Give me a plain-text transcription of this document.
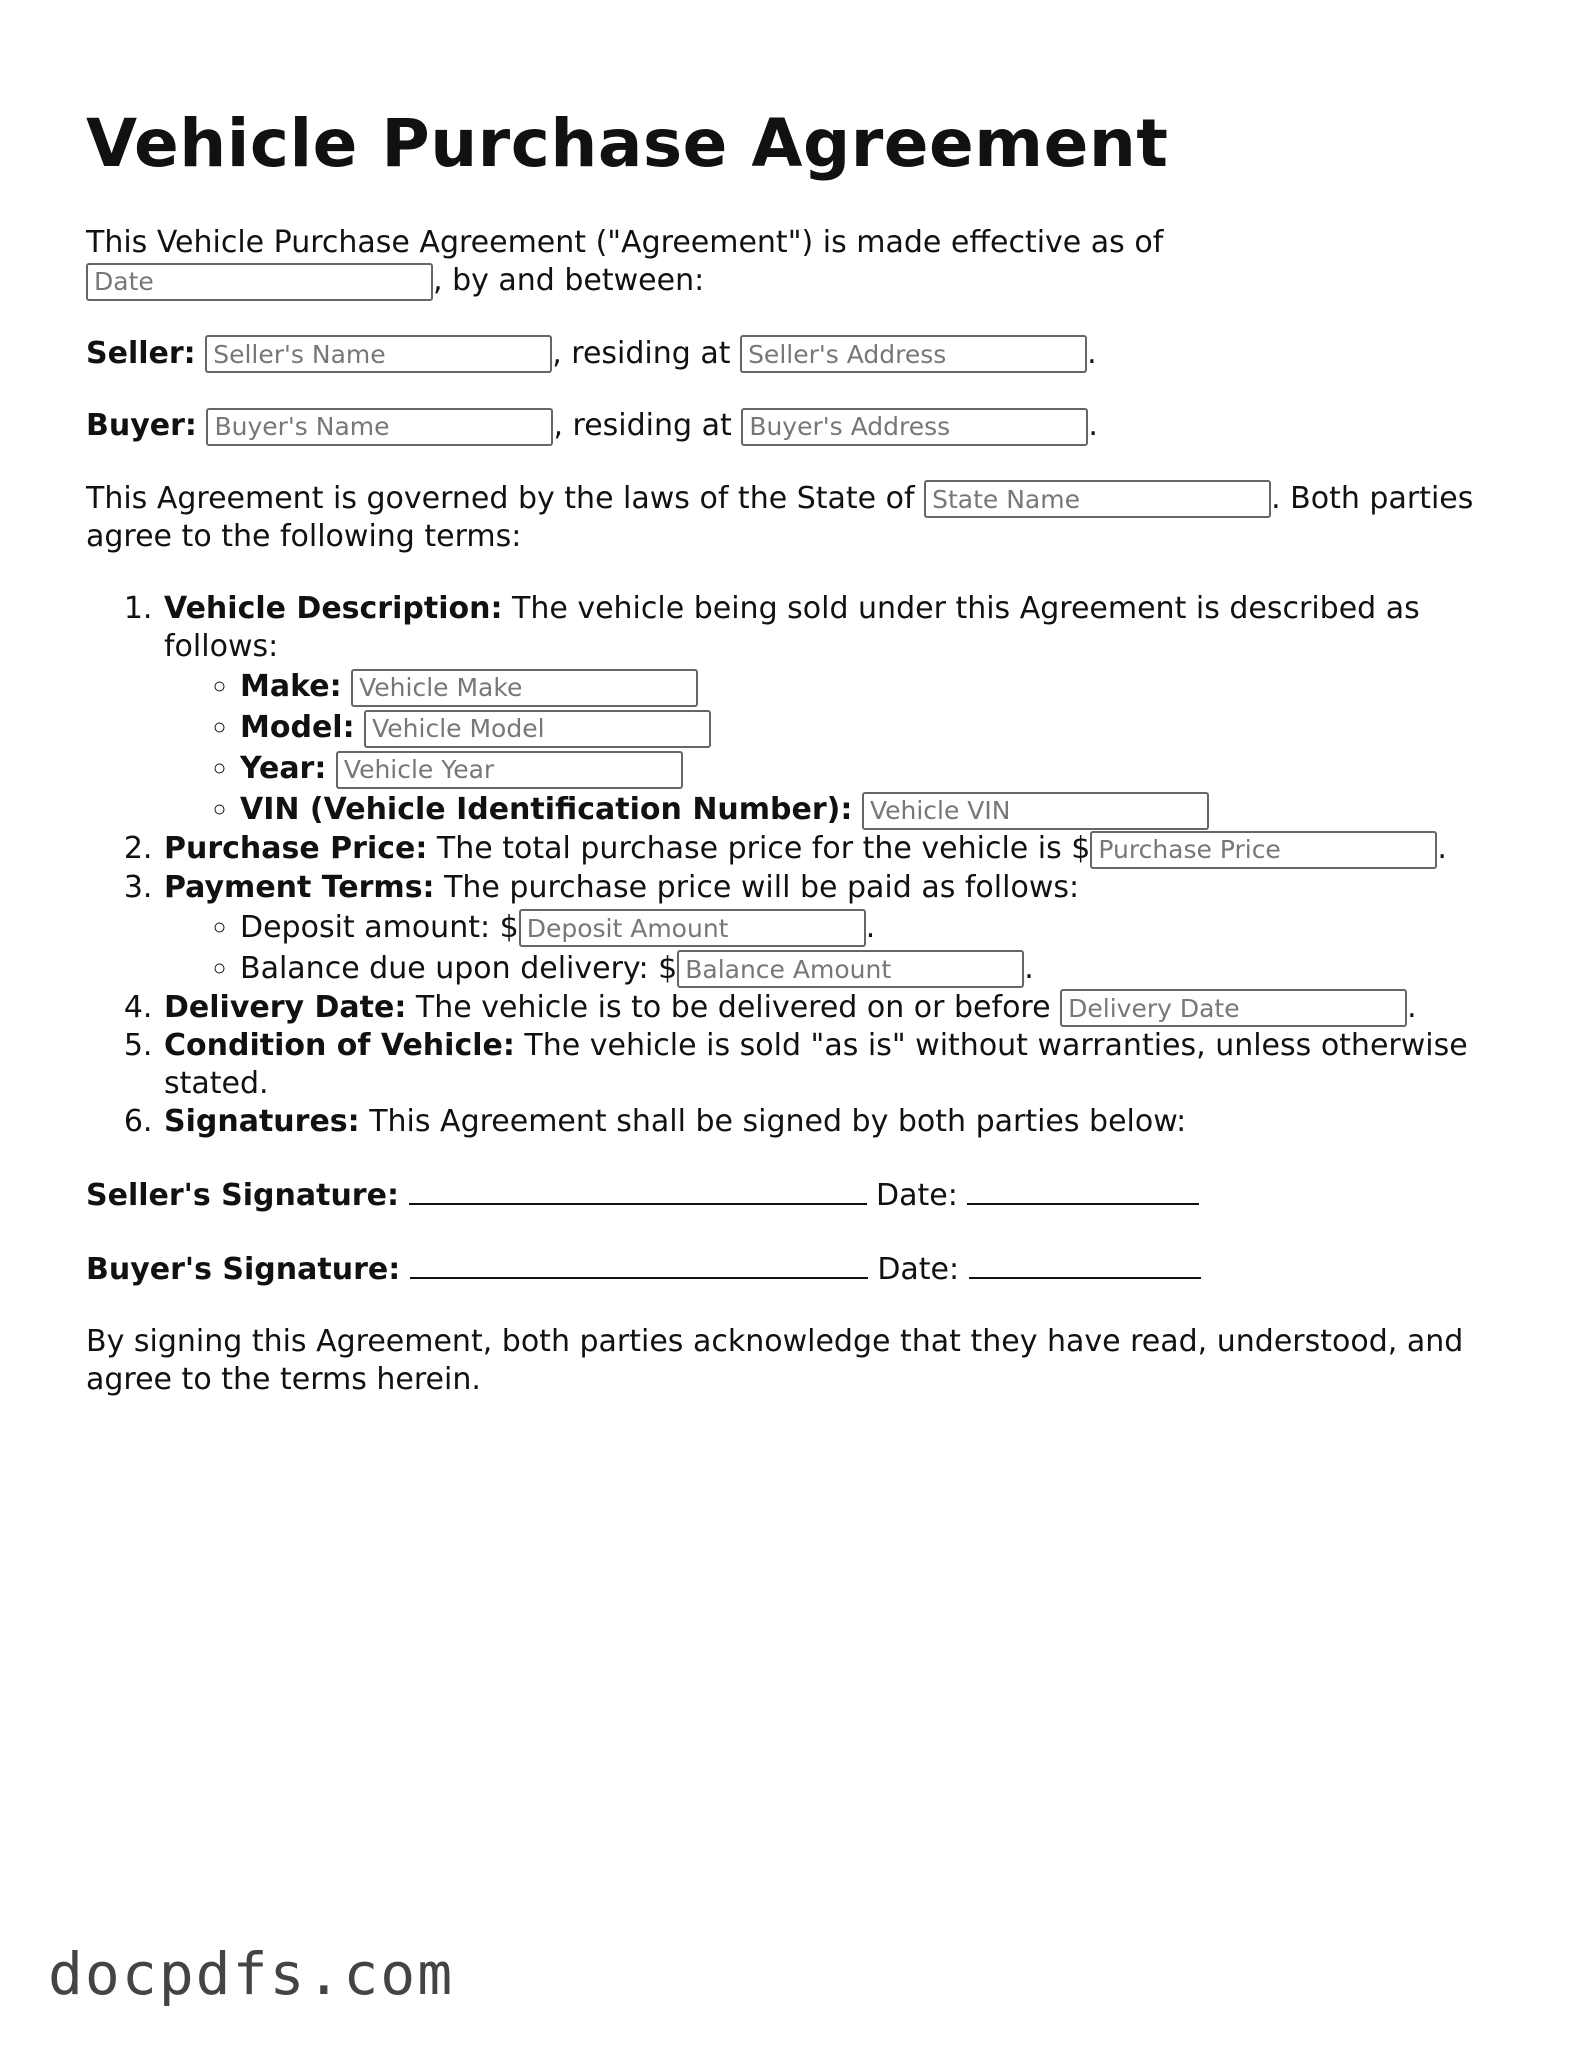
Vehicle Purchase Agreement

This Vehicle Purchase Agreement ("Agreement") is made effective as of
Date, by and between:

Seller: Seller's Name	, residing at Seller's Address	.

Buyer: Buyer's Name	, residing at Buyer's Address	.

This Agreement is governed by the laws of the State of State Name	. Both parties agree to the following terms:

1. Vehicle Description: The vehicle being sold under this Agreement is described as follows:
◦ Make: Vehicle Make
◦ Model: Vehicle Model
◦ Year: Vehicle Year
◦ VIN (Vehicle Identification Number): Vehicle VIN
2. Purchase Price: The total purchase price for the vehicle is $Purchase Price	.
3. Payment Terms: The purchase price will be paid as follows:
◦ Deposit amount: $Deposit Amount	.
◦ Balance due upon delivery: $Balance Amount	.
4. Delivery Date: The vehicle is to be delivered on or before Delivery Date	.
5. Condition of Vehicle: The vehicle is sold "as is" without warranties, unless otherwise stated.
6. Signatures: This Agreement shall be signed by both parties below:

Seller's Signature:	Date:

Buyer's Signature:	Date:

By signing this Agreement, both parties acknowledge that they have read, understood, and agree to the terms herein.

docpdfs.com
